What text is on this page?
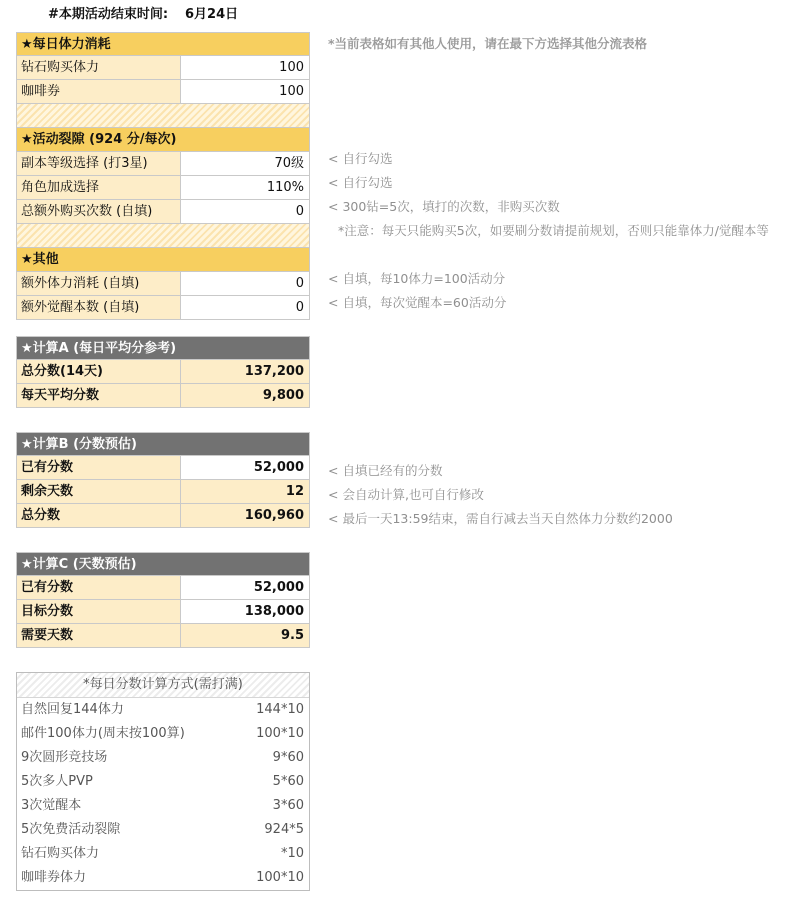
#本期活动结束时间: 6月24日
★每日体力消耗
钻石购买体力	100
咖啡券	100
★活动裂隙 (924 分/每次)
副本等级选择 (打3星)	70级
角色加成选择	110%
总额外购买次数 (自填)	0
★其他
额外体力消耗 (自填)	0
额外觉醒本数 (自填)	0
*当前表格如有其他人使用，请在最下方选择其他分流表格
< 自行勾选
< 自行勾选
< 300钻=5次，填打的次数，非购买次数
*注意：每天只能购买5次，如要刷分数请提前规划，否则只能靠体力/觉醒本等
< 自填，每10体力=100活动分
< 自填，每次觉醒本=60活动分
★计算A (每日平均分参考)
总分数(14天)	137,200
每天平均分数	9,800
★计算B (分数预估)
已有分数	52,000
剩余天数	12
总分数	160,960
< 自填已经有的分数
< 会自动计算,也可自行修改
< 最后一天13:59结束，需自行减去当天自然体力分数约2000
★计算C (天数预估)
已有分数	52,000
目标分数	138,000
需要天数	9.5
*每日分数计算方式(需打满)
自然回复144体力	144*10
邮件100体力(周末按100算)	100*10
9次圆形竞技场	9*60
5次多人PVP	5*60
3次觉醒本	3*60
5次免费活动裂隙	924*5
钻石购买体力	*10
咖啡券体力	100*10
